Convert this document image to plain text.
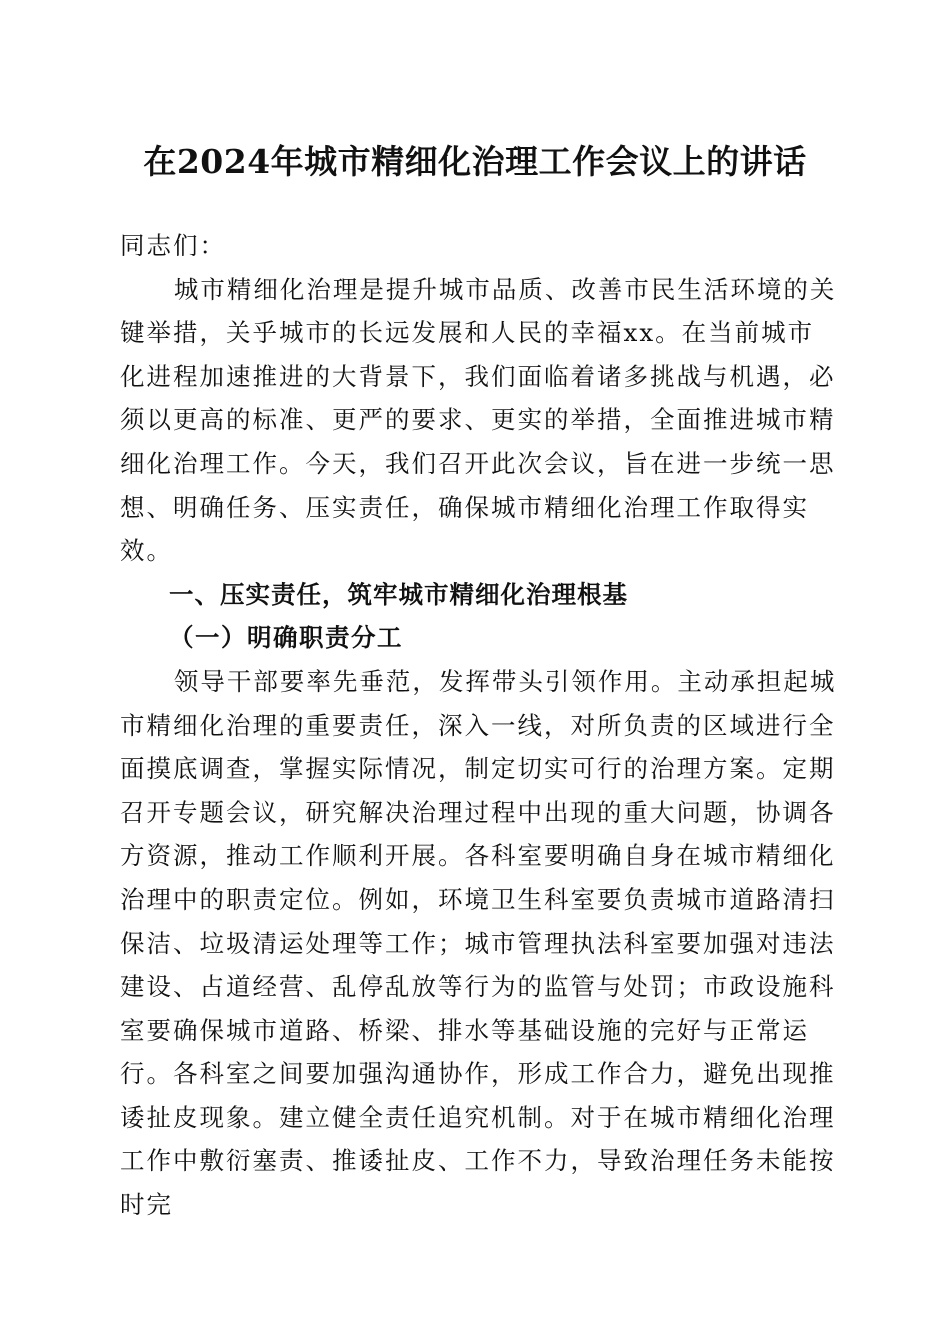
在2024年城市精细化治理工作会议上的讲话

同志们：

城市精细化治理是提升城市品质、改善市民生活环境的关键举措，关乎城市的长远发展和人民的幸福xx。在当前城市化进程加速推进的大背景下，我们面临着诸多挑战与机遇，必须以更高的标准、更严的要求、更实的举措，全面推进城市精细化治理工作。今天，我们召开此次会议，旨在进一步统一思想、明确任务、压实责任，确保城市精细化治理工作取得实效。

一、压实责任，筑牢城市精细化治理根基

（一）明确职责分工

领导干部要率先垂范，发挥带头引领作用。主动承担起城市精细化治理的重要责任，深入一线，对所负责的区域进行全面摸底调查，掌握实际情况，制定切实可行的治理方案。定期召开专题会议，研究解决治理过程中出现的重大问题，协调各方资源，推动工作顺利开展。各科室要明确自身在城市精细化治理中的职责定位。例如，环境卫生科室要负责城市道路清扫保洁、垃圾清运处理等工作；城市管理执法科室要加强对违法建设、占道经营、乱停乱放等行为的监管与处罚；市政设施科室要确保城市道路、桥梁、排水等基础设施的完好与正常运行。各科室之间要加强沟通协作，形成工作合力，避免出现推诿扯皮现象。建立健全责任追究机制。对于在城市精细化治理工作中敷衍塞责、推诿扯皮、工作不力，导致治理任务未能按时完
